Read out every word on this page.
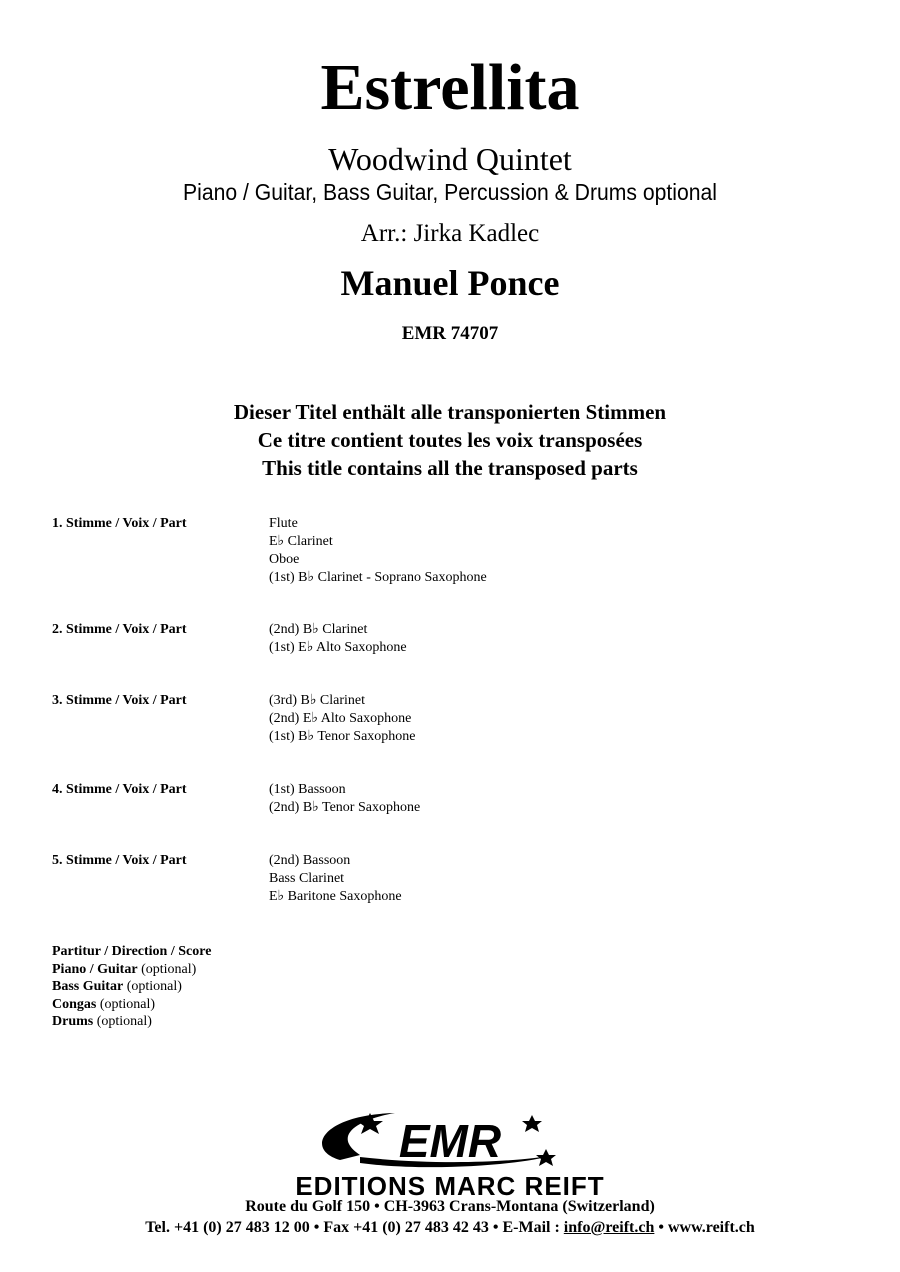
Estrellita
Woodwind Quintet
Piano / Guitar, Bass Guitar, Percussion & Drums optional
Arr.: Jirka Kadlec
Manuel Ponce
EMR 74707
Dieser Titel enthält alle transponierten Stimmen
Ce titre contient toutes les voix transposées
This title contains all the transposed parts
1. Stimme / Voix / Part	Flute
E♭ Clarinet
Oboe
(1st) B♭ Clarinet - Soprano Saxophone
2. Stimme / Voix / Part	(2nd) B♭ Clarinet
(1st) E♭ Alto Saxophone
3. Stimme / Voix / Part	(3rd) B♭ Clarinet
(2nd) E♭ Alto Saxophone
(1st) B♭ Tenor Saxophone
4. Stimme / Voix / Part	(1st) Bassoon
(2nd) B♭ Tenor Saxophone
5. Stimme / Voix / Part	(2nd) Bassoon
Bass Clarinet
E♭ Baritone Saxophone
Partitur / Direction / Score
Piano / Guitar (optional)
Bass Guitar (optional)
Congas (optional)
Drums (optional)
EMR
EDITIONS MARC REIFT
Route du Golf 150 • CH-3963 Crans-Montana (Switzerland)
Tel. +41 (0) 27 483 12 00 • Fax +41 (0) 27 483 42 43 • E-Mail : info@reift.ch • www.reift.ch
